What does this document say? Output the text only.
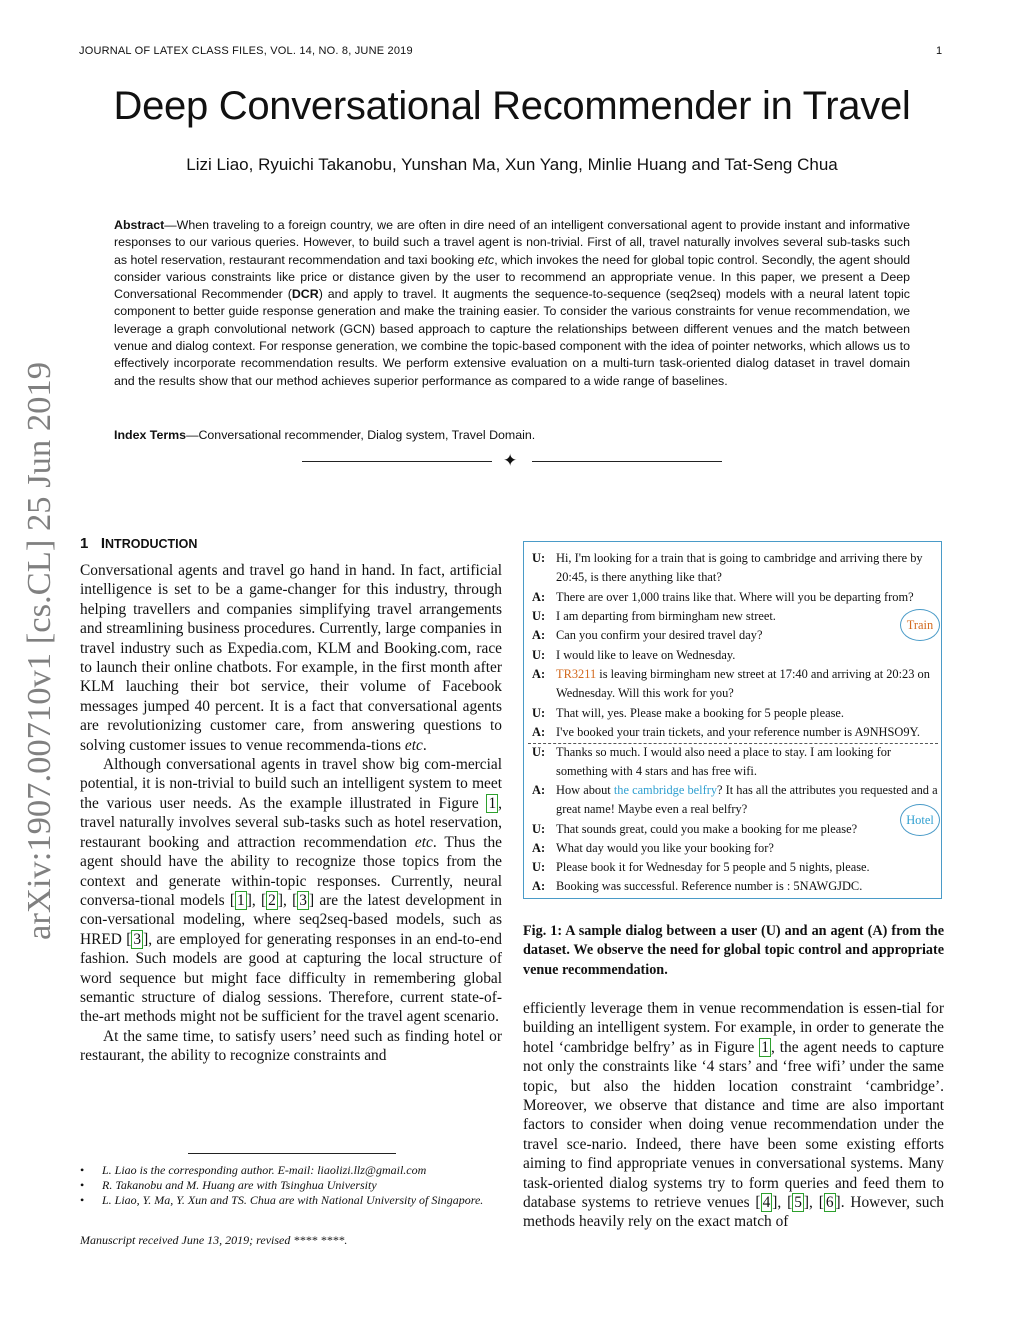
JOURNAL OF LATEX CLASS FILES, VOL. 14, NO. 8, JUNE 2019	1
Deep Conversational Recommender in Travel
Lizi Liao, Ryuichi Takanobu, Yunshan Ma, Xun Yang, Minlie Huang and Tat-Seng Chua
Abstract—When traveling to a foreign country, we are often in dire need of an intelligent conversational agent to provide instant and informative responses to our various queries. However, to build such a travel agent is non-trivial. First of all, travel naturally involves several sub-tasks such as hotel reservation, restaurant recommendation and taxi booking etc, which invokes the need for global topic control. Secondly, the agent should consider various constraints like price or distance given by the user to recommend an appropriate venue. In this paper, we present a Deep Conversational Recommender (DCR) and apply to travel. It augments the sequence-to-sequence (seq2seq) models with a neural latent topic component to better guide response generation and make the training easier. To consider the various constraints for venue recommendation, we leverage a graph convolutional network (GCN) based approach to capture the relationships between different venues and the match between venue and dialog context. For response generation, we combine the topic-based component with the idea of pointer networks, which allows us to effectively incorporate recommendation results. We perform extensive evaluation on a multi-turn task-oriented dialog dataset in travel domain and the results show that our method achieves superior performance as compared to a wide range of baselines.
Index Terms—Conversational recommender, Dialog system, Travel Domain.
✦
arXiv:1907.00710v1 [cs.CL] 25 Jun 2019 1 INTRODUCTION

Conversational agents and travel go hand in hand. In fact, artificial intelligence is set to be a game-changer for this industry, through helping travellers and companies simplifying travel arrangements and streamlining business procedures. Currently, large companies in travel industry such as Expedia.com, KLM and Booking.com, race to launch their online chatbots. For example, in the first month after KLM lauching their bot service, their volume of Facebook messages jumped 40 percent. It is a fact that conversational agents are revolutionizing customer care, from answering questions to solving customer issues to venue recommenda-tions etc.

Although conversational agents in travel show big com-mercial potential, it is non-trivial to build such an intelligent system to meet the various user needs. As the example illustrated in Figure 1 , travel naturally involves several sub-tasks such as hotel reservation, restaurant booking and attraction recommendation etc. Thus the agent should have the ability to recognize those topics from the context and generate within-topic responses. Currently, neural conversa-tional models [ 1 ], [ 2 ], [ 3 ] are the latest development in con-versational modeling, where seq2seq-based models, such as HRED [ 3 ], are employed for generating responses in an end-to-end fashion. Such models are good at capturing the local structure of word sequence but might face difficulty in remembering global semantic structure of dialog sessions. Therefore, current state-of-the-art methods might not be sufficient for the travel agent scenario.

At the same time, to satisfy users’ need such as finding hotel or restaurant, the ability to recognize constraints and

• L. Liao is the corresponding author. E-mail: liaolizi.llz@gmail.com
• R. Takanobu and M. Huang are with Tsinghua University
• L. Liao, Y. Ma, Y. Xun and TS. Chua are with National University of Singapore.
Manuscript received June 13, 2019; revised **** ****.
U: Hi, I'm looking for a train that is going to cambridge and arriving there by 20:45, is there anything like that?
A: There are over 1,000 trains like that. Where will you be departing from?
U: I am departing from birmingham new street.
A: Can you confirm your desired travel day?
U: I would like to leave on Wednesday.
A: TR3211 is leaving birmingham new street at 17:40 and arriving at 20:23 on Wednesday. Will this work for you?
U: That will, yes. Please make a booking for 5 people please.
A: I've booked your train tickets, and your reference number is A9NHSO9Y.
U: Thanks so much. I would also need a place to stay. I am looking for something with 4 stars and has free wifi.
A: How about the cambridge belfry? It has all the attributes you requested and a great name! Maybe even a real belfry?
U: That sounds great, could you make a booking for me please?
A: What day would you like your booking for?
U: Please book it for Wednesday for 5 people and 5 nights, please.
A: Booking was successful. Reference number is : 5NAWGJDC.
Train
Hotel
Fig. 1: A sample dialog between a user (U) and an agent (A) from the dataset. We observe the need for global topic control and appropriate venue recommendation.
efficiently leverage them in venue recommendation is essen-tial for building an intelligent system. For example, in order to generate the hotel ‘cambridge belfry’ as in Figure 1 , the agent needs to capture not only the constraints like ‘4 stars’ and ‘free wifi’ under the same topic, but also the hidden location constraint ‘cambridge’. Moreover, we observe that distance and time are also important factors to consider when doing venue recommendation under the travel sce-nario. Indeed, there have been some existing efforts aiming to find appropriate venues in conversational systems. Many task-oriented dialog systems try to form queries and feed them to database systems to retrieve venues [ 4 ], [ 5 ], [ 6 ]. However, such methods heavily rely on the exact match of
